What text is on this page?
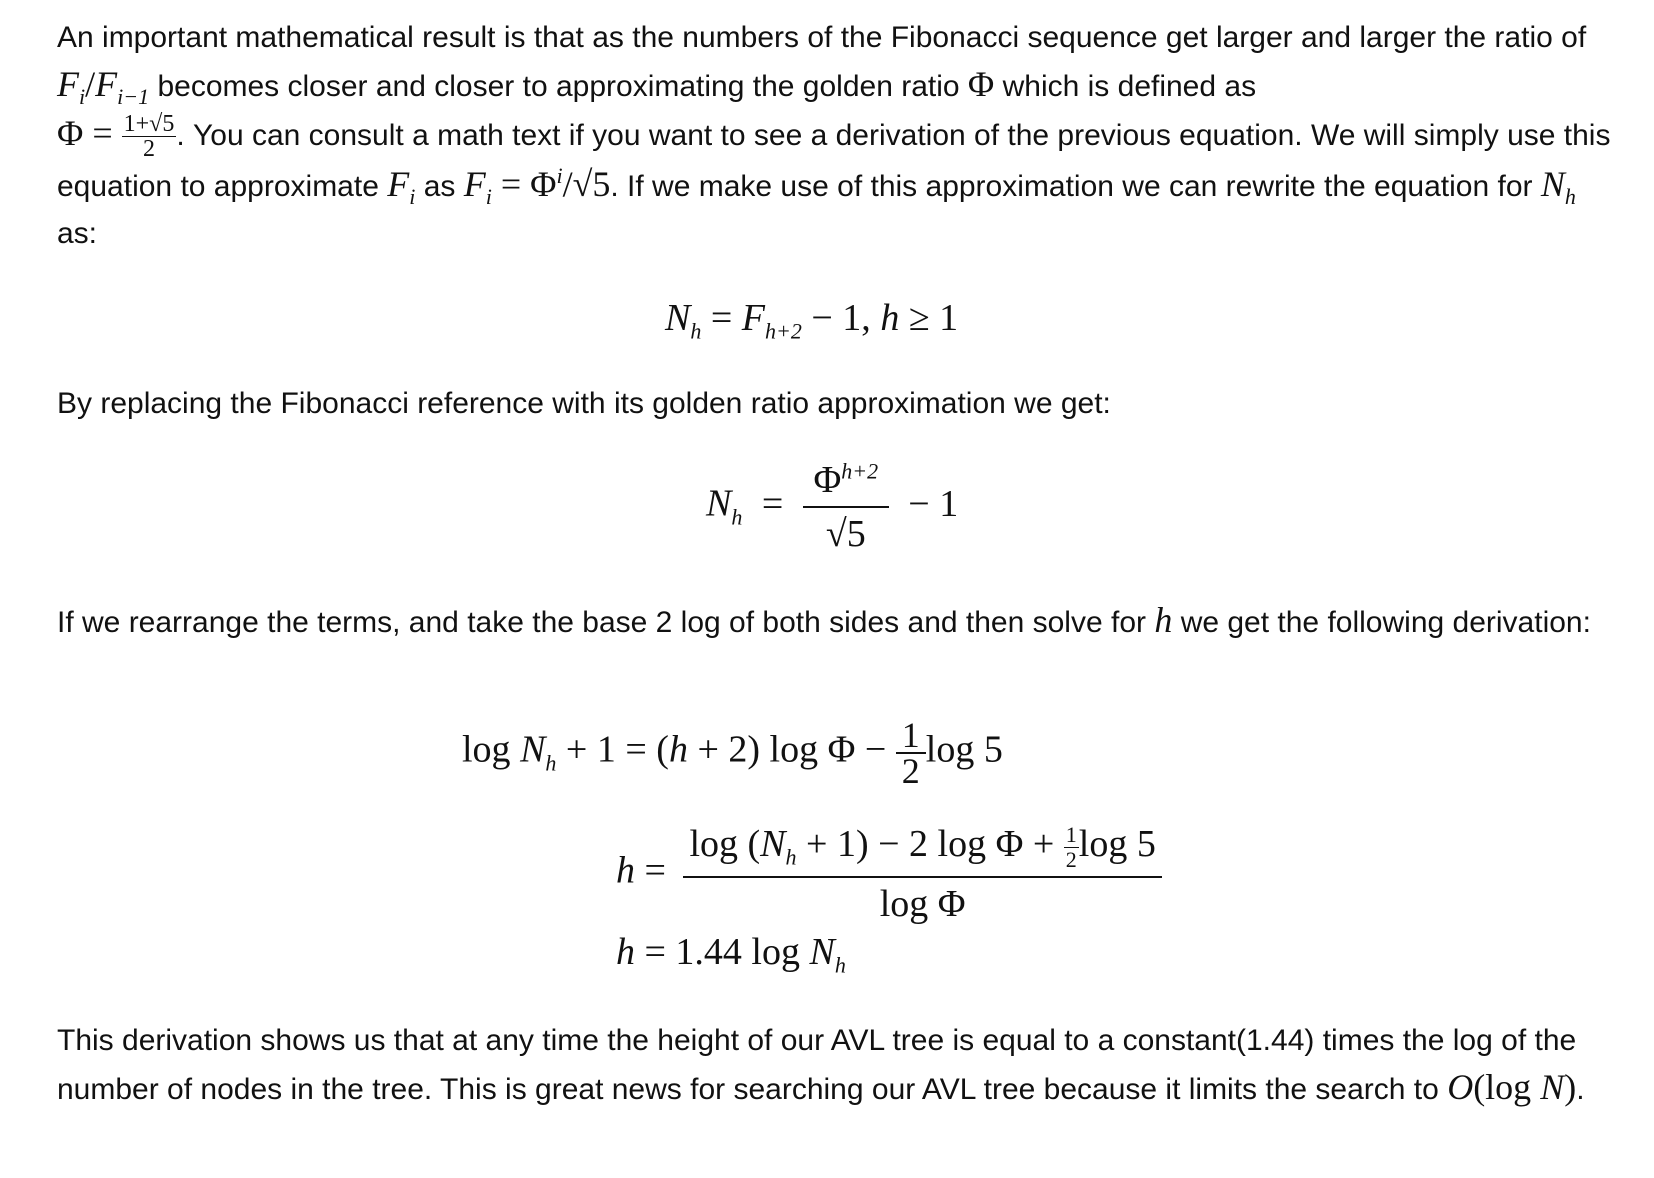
An important mathematical result is that as the numbers of the Fibonacci sequence get larger and larger the ratio of $F_i/F_{i-1}$ becomes closer and closer to approximating the golden ratio Φ which is defined as
$\Phi = \frac{1+√5}{2}$ . You can consult a math text if you want to see a derivation of the previous equation. We will simply use this equation to approximate $F_i$ as $F_i = \Phi^i/√5$. If we make use of this approximation we can rewrite the equation for $N_h$ as:
$N_h = F_{h+2} - 1$, h ≥ 1
By replacing the Fibonacci reference with its golden ratio approximation we get:
$N_h = \frac{\Phi^{h+2}}{√5} - 1$
If we rearrange the terms, and take the base 2 log of both sides and then solve for h we get the following derivation:
$\log N_h + 1 = (h + 2)$ $\log \Phi - \frac{1}{2}$ log 5
$h = \frac{\log (N_h + 1) - 2 \log \Phi + \frac{1}{2} \log 5}{\text{log Φ}}$
h = 1.44 $\log N_h$
This derivation shows us that at any time the height of our AVL tree is equal to a constant(1.44) times the log of the number of nodes in the tree. This is great news for searching our AVL tree because it limits the search to O(log N).
